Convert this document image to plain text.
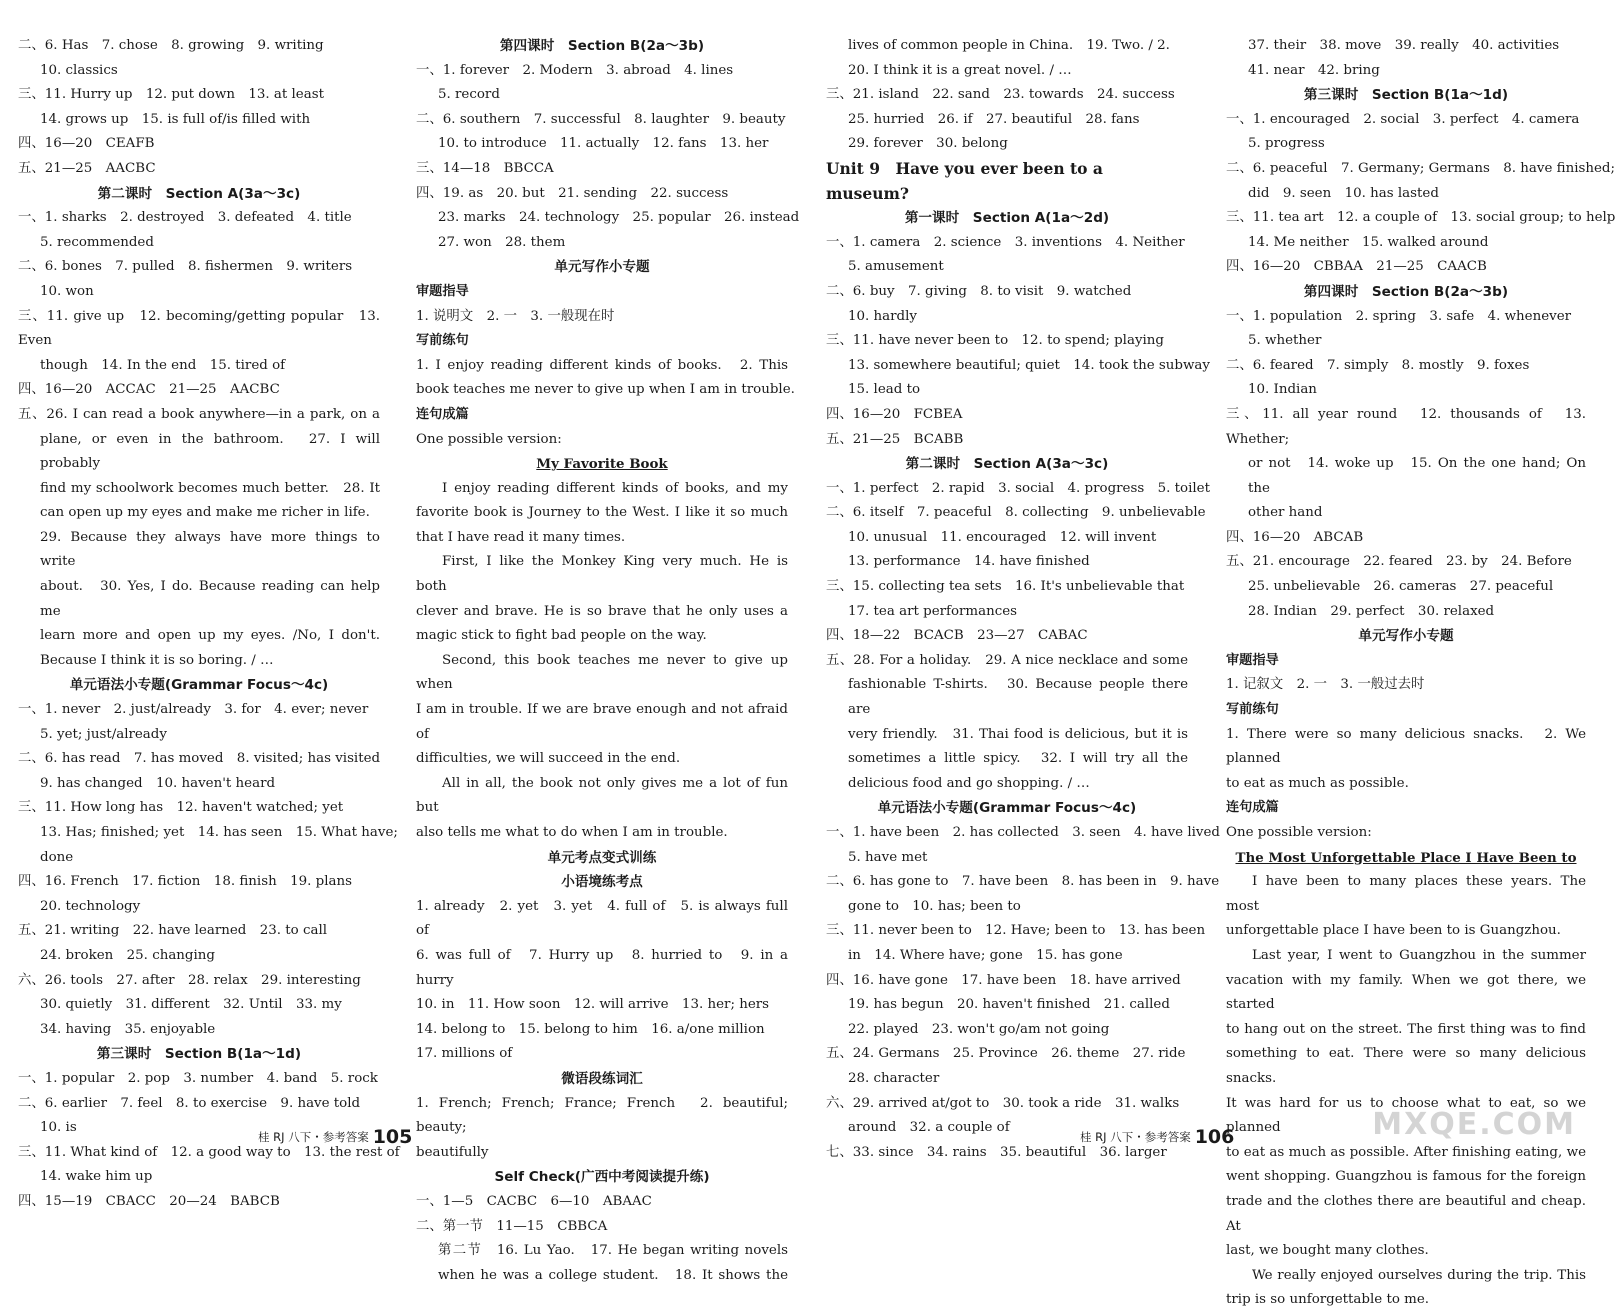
二、6. Has　7. chose　8. growing　9. writing
10. classics
三、11. Hurry up　12. put down　13. at least
14. grows up　15. is full of/is filled with
四、16—20　CEAFB
五、21—25　AACBC
第二课时　Section A(3a～3c)
一、1. sharks　2. destroyed　3. defeated　4. title
5. recommended
二、6. bones　7. pulled　8. fishermen　9. writers
10. won
三、11. give up　12. becoming/getting popular　13. Even
though　14. In the end　15. tired of
四、16—20　ACCAC　21—25　AACBC
五、26. I can read a book anywhere—in a park, on a
plane, or even in the bathroom.　27. I will probably
find my schoolwork becomes much better.　28. It
can open up my eyes and make me richer in life.
29. Because they always have more things to write
about.　30. Yes, I do. Because reading can help me
learn more and open up my eyes. /No, I don't.
Because I think it is so boring. / …
单元语法小专题(Grammar Focus～4c)
一、1. never　2. just/already　3. for　4. ever; never
5. yet; just/already
二、6. has read　7. has moved　8. visited; has visited
9. has changed　10. haven't heard
三、11. How long has　12. haven't watched; yet
13. Has; finished; yet　14. has seen　15. What have;
done
四、16. French　17. fiction　18. finish　19. plans
20. technology
五、21. writing　22. have learned　23. to call
24. broken　25. changing
六、26. tools　27. after　28. relax　29. interesting
30. quietly　31. different　32. Until　33. my
34. having　35. enjoyable
第三课时　Section B(1a～1d)
一、1. popular　2. pop　3. number　4. band　5. rock
二、6. earlier　7. feel　8. to exercise　9. have told
10. is
三、11. What kind of　12. a good way to　13. the rest of
14. wake him up
四、15—19　CBACC　20—24　BABCB
第四课时　Section B(2a～3b)
一、1. forever　2. Modern　3. abroad　4. lines
5. record
二、6. southern　7. successful　8. laughter　9. beauty
10. to introduce　11. actually　12. fans　13. her
三、14—18　BBCCA
四、19. as　20. but　21. sending　22. success
23. marks　24. technology　25. popular　26. instead
27. won　28. them
单元写作小专题
审题指导
1. 说明文　2. 一　3. 一般现在时
写前练句
1. I enjoy reading different kinds of books.　2. This
book teaches me never to give up when I am in trouble.
连句成篇
One possible version:
My Favorite Book
I enjoy reading different kinds of books, and my
favorite book is Journey to the West. I like it so much
that I have read it many times.
First, I like the Monkey King very much. He is both
clever and brave. He is so brave that he only uses a
magic stick to fight bad people on the way.
Second, this book teaches me never to give up when
I am in trouble. If we are brave enough and not afraid of
difficulties, we will succeed in the end.
All in all, the book not only gives me a lot of fun but
also tells me what to do when I am in trouble.
单元考点变式训练
小语境练考点
1. already　2. yet　3. yet　4. full of　5. is always full of
6. was full of　7. Hurry up　8. hurried to　9. in a hurry
10. in　11. How soon　12. will arrive　13. her; hers
14. belong to　15. belong to him　16. a/one million
17. millions of
微语段练词汇
1. French; French; France; French　2. beautiful; beauty;
beautifully
Self Check(广西中考阅读提升练)
一、1—5　CACBC　6—10　ABAAC
二、第一节　11—15　CBBCA
第二节　16. Lu Yao.　17. He began writing novels
when he was a college student.　18. It shows the
lives of common people in China.　19. Two. / 2.
20. I think it is a great novel. / …
三、21. island　22. sand　23. towards　24. success
25. hurried　26. if　27. beautiful　28. fans
29. forever　30. belong
Unit 9　Have you ever been to a museum?
第一课时　Section A(1a～2d)
一、1. camera　2. science　3. inventions　4. Neither
5. amusement
二、6. buy　7. giving　8. to visit　9. watched
10. hardly
三、11. have never been to　12. to spend; playing
13. somewhere beautiful; quiet　14. took the subway
15. lead to
四、16—20　FCBEA
五、21—25　BCABB
第二课时　Section A(3a～3c)
一、1. perfect　2. rapid　3. social　4. progress　5. toilet
二、6. itself　7. peaceful　8. collecting　9. unbelievable
10. unusual　11. encouraged　12. will invent
13. performance　14. have finished
三、15. collecting tea sets　16. It's unbelievable that
17. tea art performances
四、18—22　BCACB　23—27　CABAC
五、28. For a holiday.　29. A nice necklace and some
fashionable T-shirts.　30. Because people there are
very friendly.　31. Thai food is delicious, but it is
sometimes a little spicy.　32. I will try all the
delicious food and go shopping. / …
单元语法小专题(Grammar Focus～4c)
一、1. have been　2. has collected　3. seen　4. have lived
5. have met
二、6. has gone to　7. have been　8. has been in　9. have
gone to　10. has; been to
三、11. never been to　12. Have; been to　13. has been
in　14. Where have; gone　15. has gone
四、16. have gone　17. have been　18. have arrived
19. has begun　20. haven't finished　21. called
22. played　23. won't go/am not going
五、24. Germans　25. Province　26. theme　27. ride
28. character
六、29. arrived at/got to　30. took a ride　31. walks
around　32. a couple of
七、33. since　34. rains　35. beautiful　36. larger
37. their　38. move　39. really　40. activities
41. near　42. bring
第三课时　Section B(1a～1d)
一、1. encouraged　2. social　3. perfect　4. camera
5. progress
二、6. peaceful　7. Germany; Germans　8. have finished;
did　9. seen　10. has lasted
三、11. tea art　12. a couple of　13. social group; to help
14. Me neither　15. walked around
四、16—20　CBBAA　21—25　CAACB
第四课时　Section B(2a～3b)
一、1. population　2. spring　3. safe　4. whenever
5. whether
二、6. feared　7. simply　8. mostly　9. foxes
10. Indian
三、11. all year round　12. thousands of　13. Whether;
or not　14. woke up　15. On the one hand; On the
other hand
四、16—20　ABCAB
五、21. encourage　22. feared　23. by　24. Before
25. unbelievable　26. cameras　27. peaceful
28. Indian　29. perfect　30. relaxed
单元写作小专题
审题指导
1. 记叙文　2. 一　3. 一般过去时
写前练句
1. There were so many delicious snacks.　2. We planned
to eat as much as possible.
连句成篇
One possible version:
The Most Unforgettable Place I Have Been to
I have been to many places these years. The most
unforgettable place I have been to is Guangzhou.
Last year, I went to Guangzhou in the summer
vacation with my family. When we got there, we started
to hang out on the street. The first thing was to find
something to eat. There were so many delicious snacks.
It was hard for us to choose what to eat, so we planned
to eat as much as possible. After finishing eating, we
went shopping. Guangzhou is famous for the foreign
trade and the clothes there are beautiful and cheap. At
last, we bought many clothes.
We really enjoyed ourselves during the trip. This
trip is so unforgettable to me.
桂 RJ 八下・参考答案 105	桂 RJ 八下・参考答案 106	MXQE.COM
